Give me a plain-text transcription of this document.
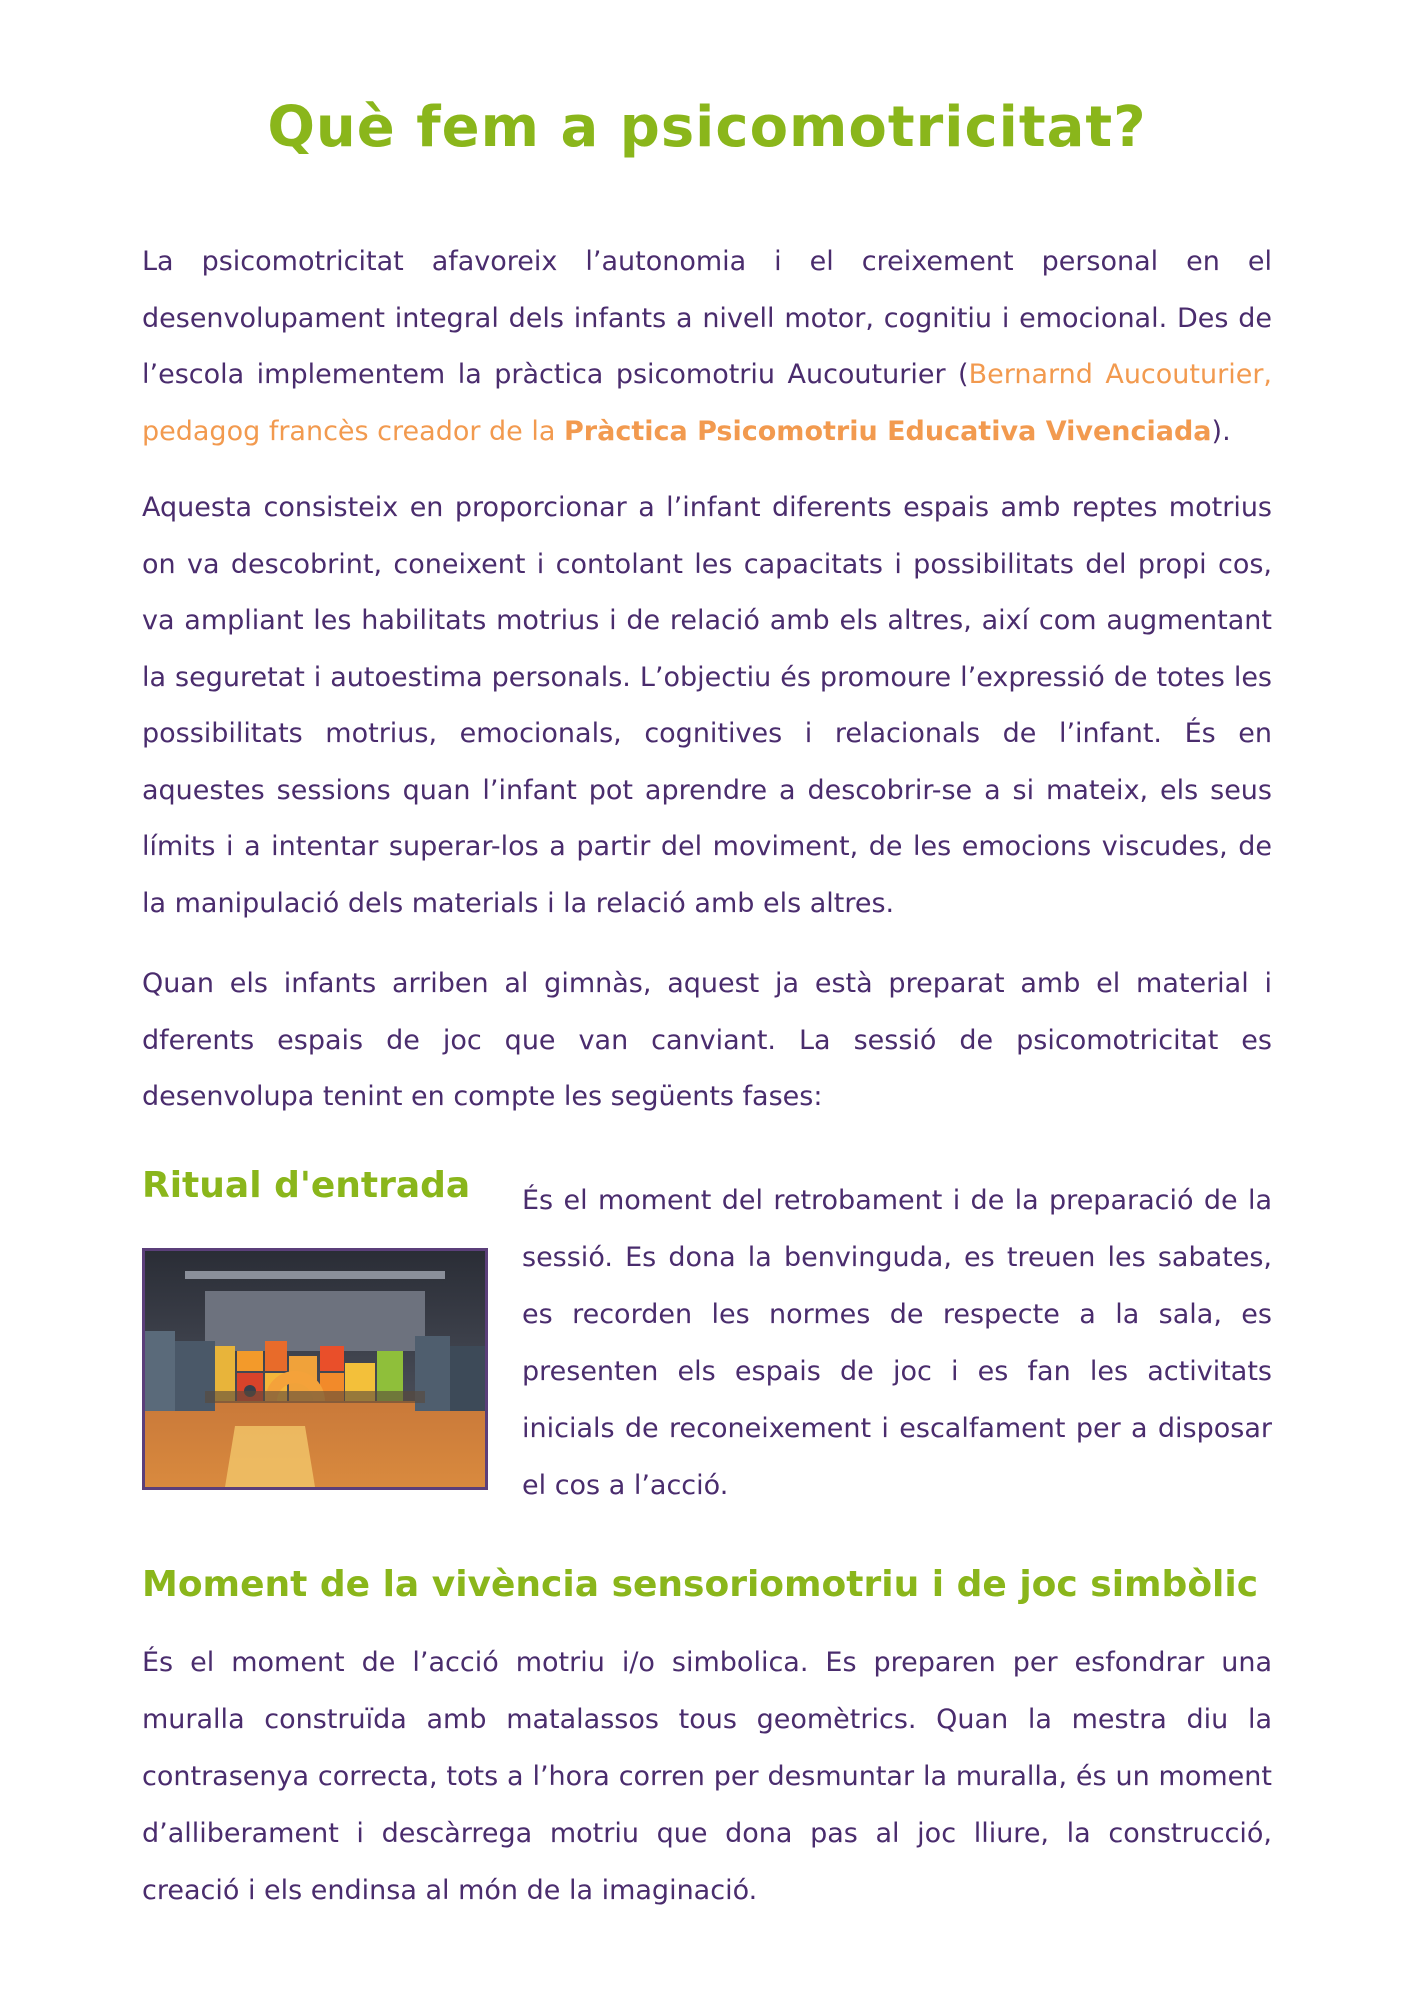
Què fem a psicomotricitat?

La psicomotricitat afavoreix l’autonomia i el creixement personal en el desenvolupament integral dels infants a nivell motor, cognitiu i emocional. Des de l’escola implementem la pràctica psicomotriu Aucouturier (Bernarnd Aucouturier, pedagog francès creador de la Pràctica Psicomotriu Educativa Vivenciada).

Aquesta consisteix en proporcionar a l’infant diferents espais amb reptes motrius on va descobrint, coneixent i contolant les capacitats i possibilitats del propi cos, va ampliant les habilitats motrius i de relació amb els altres, així com augmentant la seguretat i autoestima personals. L’objectiu és promoure l’expressió de totes les possibilitats motrius, emocionals, cognitives i relacionals de l’infant. És en aquestes sessions quan l’infant pot aprendre a descobrir-se a si mateix, els seus límits i a intentar superar-los a partir del moviment, de les emocions viscudes, de la manipulació dels materials i la relació amb els altres.

Quan els infants arriben al gimnàs, aquest ja està preparat amb el material i dferents espais de joc que van canviant. La sessió de psicomotricitat es desenvolupa tenint en compte les següents fases:

Ritual d'entrada És el moment del retrobament i de la preparació de la sessió. Es dona la benvinguda, es treuen les sabates, es recorden les normes de respecte a la sala, es presenten els espais de joc i es fan les activitats inicials de reconeixement i escalfament per a disposar el cos a l’acció.

Moment de la vivència sensoriomotriu i de joc simbòlic

És el moment de l’acció motriu i/o simbolica. Es preparen per esfondrar una muralla construïda amb matalassos tous geomètrics. Quan la mestra diu la contrasenya correcta, tots a l’hora corren per desmuntar la muralla, és un moment d’alliberament i descàrrega motriu que dona pas al joc lliure, la construcció, creació i els endinsa al món de la imaginació.
